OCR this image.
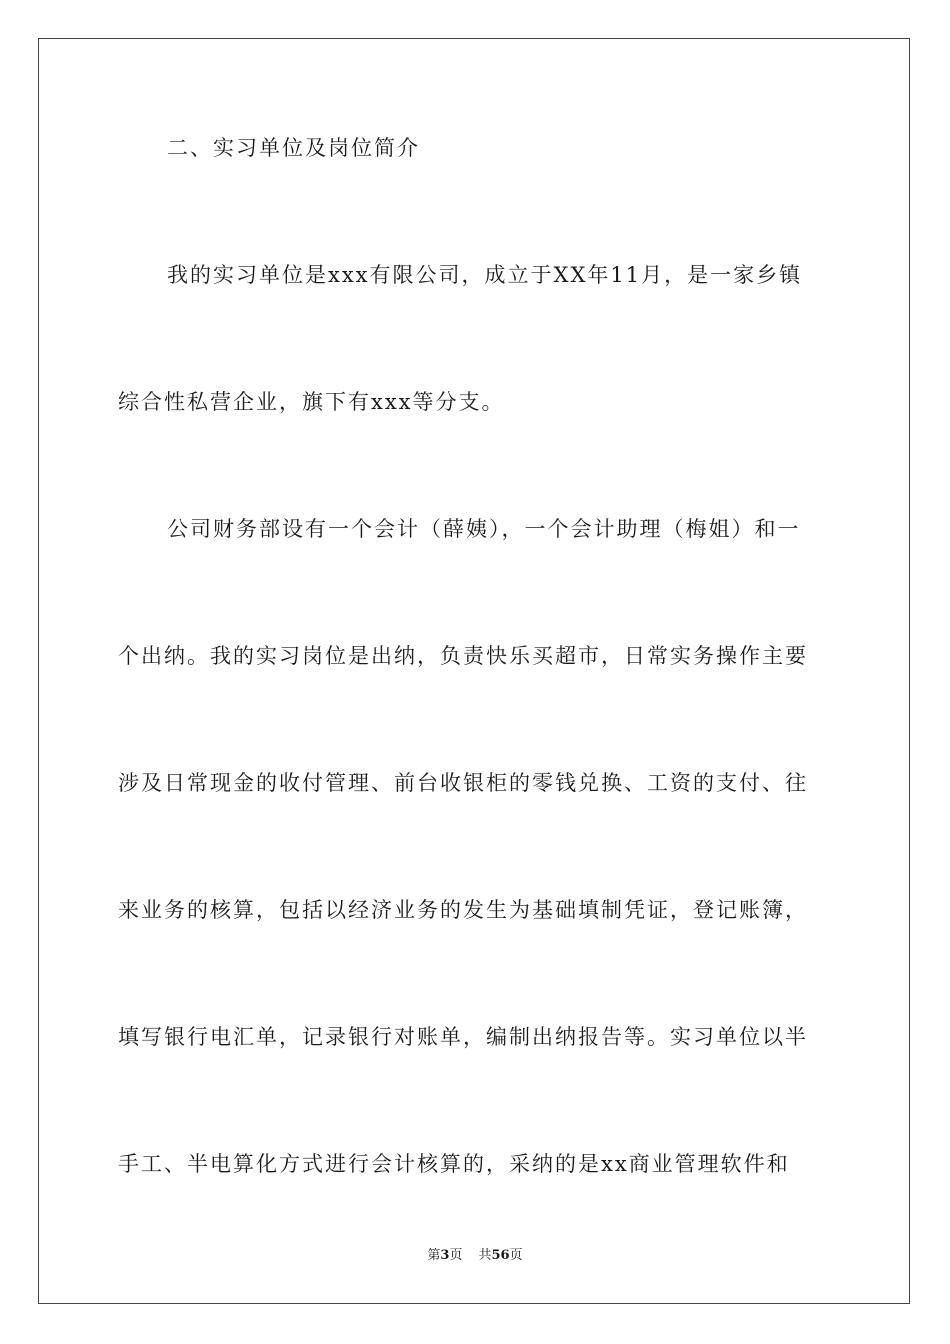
二、实习单位及岗位简介
我的实习单位是xxx有限公司，成立于XX年11月，是一家乡镇
综合性私营企业，旗下有xxx等分支。
公司财务部设有一个会计（薛姨），一个会计助理（梅姐）和一
个出纳。我的实习岗位是出纳，负责快乐买超市，日常实务操作主要
涉及日常现金的收付管理、前台收银柜的零钱兑换、工资的支付、往
来业务的核算，包括以经济业务的发生为基础填制凭证，登记账簿，
填写银行电汇单，记录银行对账单，编制出纳报告等。实习单位以半
手工、半电算化方式进行会计核算的，采纳的是xx商业管理软件和
第3页 共56页
